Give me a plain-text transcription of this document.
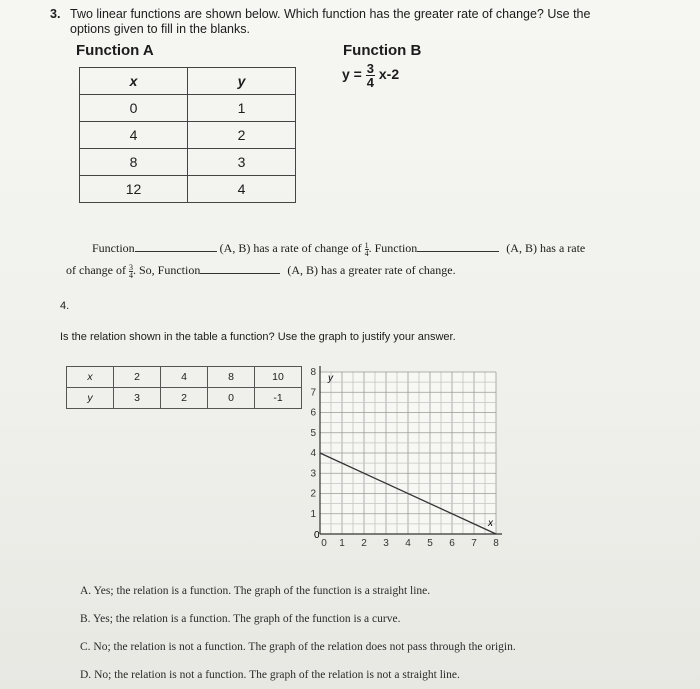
3. Two linear functions are shown below. Which function has the greater rate of change? Use the
options given to fill in the blanks.
Function A	Function B
x	y
0	1
4	2
8	3
12	4
$y = \frac{3}{4} x-2$
Function	(A, B) has a rate of change of $\frac{1}{4}$ . Function	(A, B) has a rate
of change of $\frac{3}{4}$ . So, Function	(A, B) has a greater rate of change.
4.
Is the relation shown in the table a function? Use the graph to justify your answer.
x	2	4	8	10
y	3	2	0	-1
1
2
3
4
5
6
7
8
0 1 2 3 4 5 6 7 8
y
x
0
A. Yes; the relation is a function. The graph of the function is a straight line.
B. Yes; the relation is a function. The graph of the function is a curve.
C. No; the relation is not a function. The graph of the relation does not pass through the origin.
D. No; the relation is not a function. The graph of the relation is not a straight line.
